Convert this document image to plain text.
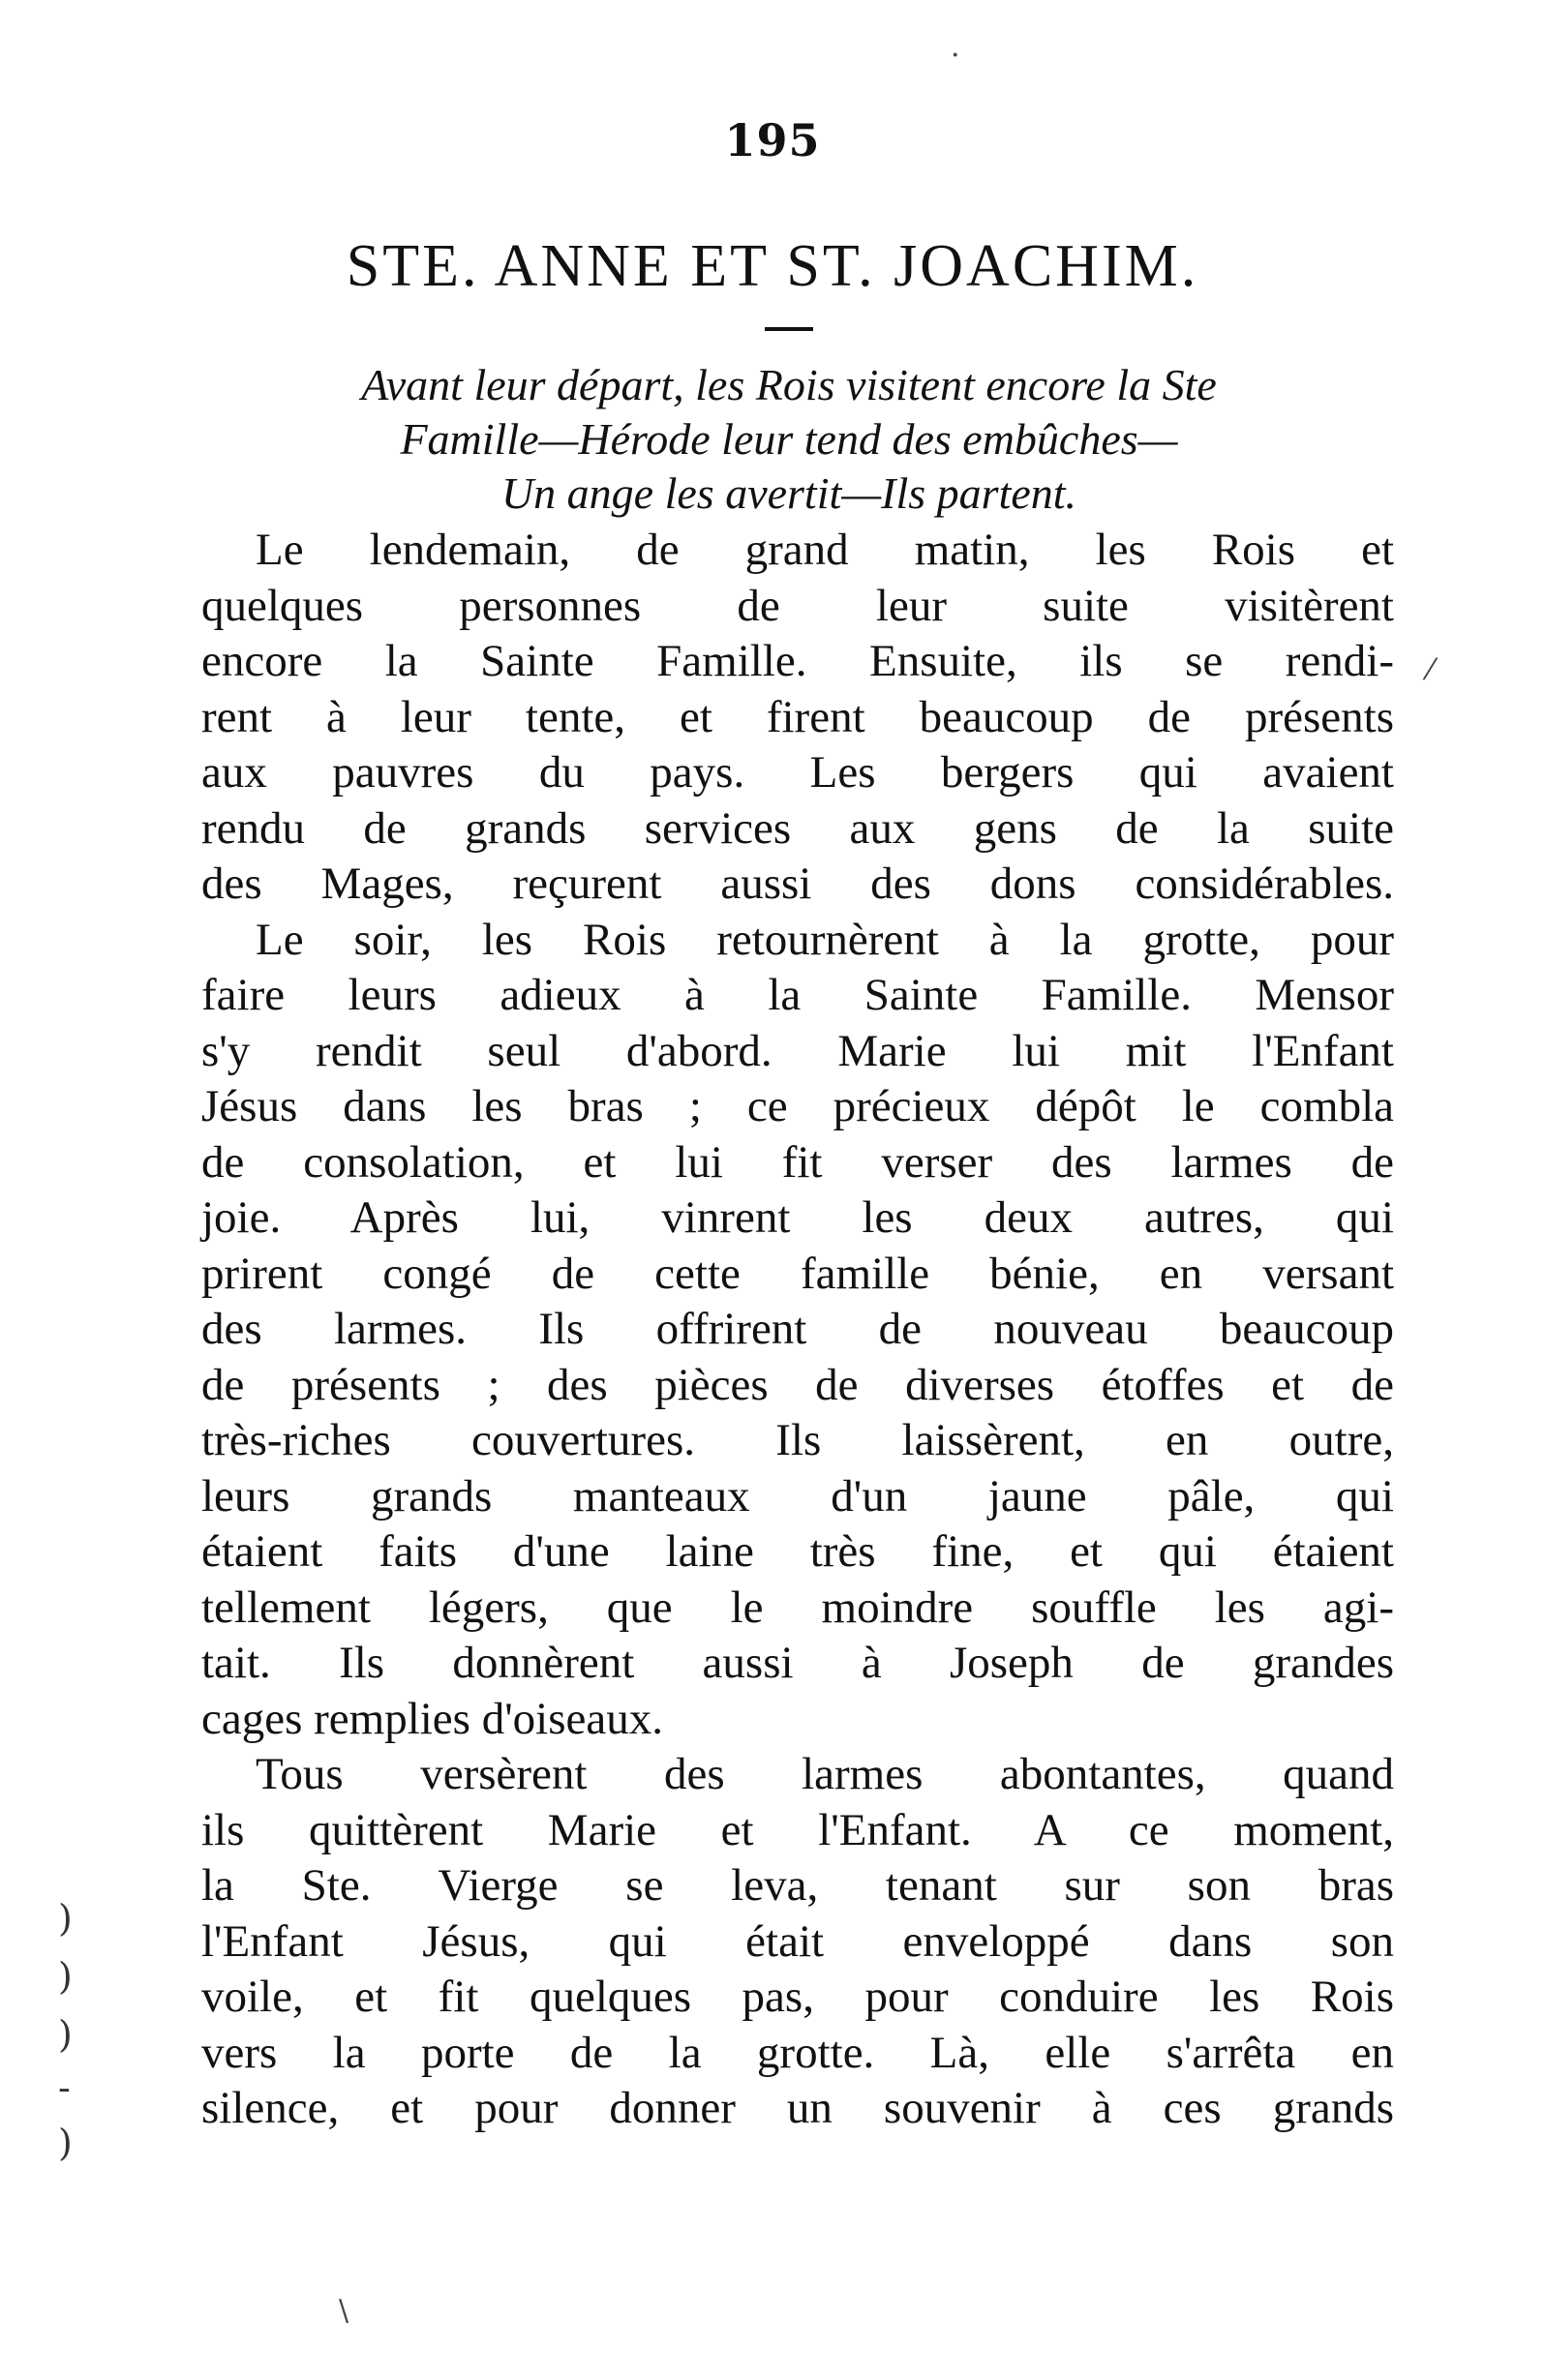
195
STE. ANNE ET ST. JOACHIM.
Avant leur départ, les Rois visitent encore la Ste
Famille—Hérode leur tend des embûches—
Un ange les avertit—Ils partent.
Le lendemain, de grand matin, les Rois et
quelques personnes de leur suite visitèrent
encore la Sainte Famille. Ensuite, ils se rendi-
rent à leur tente, et firent beaucoup de présents
aux pauvres du pays. Les bergers qui avaient
rendu de grands services aux gens de la suite
des Mages, reçurent aussi des dons considérables.
Le soir, les Rois retournèrent à la grotte, pour
faire leurs adieux à la Sainte Famille. Mensor
s'y rendit seul d'abord. Marie lui mit l'Enfant
Jésus dans les bras ; ce précieux dépôt le combla
de consolation, et lui fit verser des larmes de
joie. Après lui, vinrent les deux autres, qui
prirent congé de cette famille bénie, en versant
des larmes. Ils offrirent de nouveau beaucoup
de présents ; des pièces de diverses étoffes et de
très-riches couvertures. Ils laissèrent, en outre,
leurs grands manteaux d'un jaune pâle, qui
étaient faits d'une laine très fine, et qui étaient
tellement légers, que le moindre souffle les agi-
tait. Ils donnèrent aussi à Joseph de grandes
cages remplies d'oiseaux.
Tous versèrent des larmes abontantes, quand
ils quittèrent Marie et l'Enfant. A ce moment,
la Ste. Vierge se leva, tenant sur son bras
l'Enfant Jésus, qui était enveloppé dans son
voile, et fit quelques pas, pour conduire les Rois
vers la porte de la grotte. Là, elle s'arrêta en
silence, et pour donner un souvenir à ces grands
)
)
)
-
)
·
⁄
\
